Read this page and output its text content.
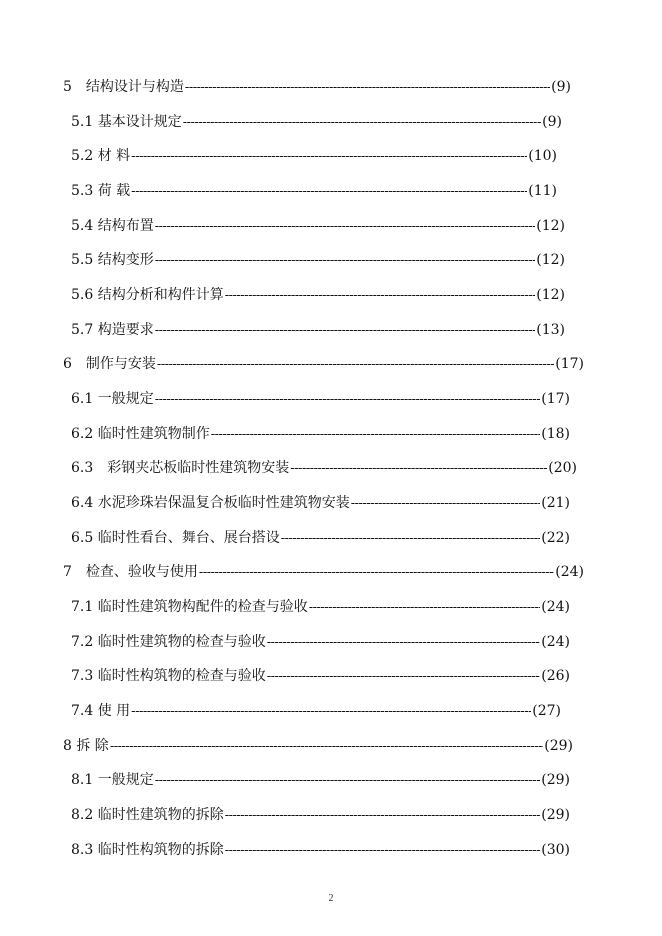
5　结构设计与构造 -----	(9)
5.1 基本设计规定 -----	(9)
5.2 材 料 -----	(10)
5.3 荷 载 -----	(11)
5.4 结构布置 -----	(12)
5.5 结构变形 -----	(12)
5.6 结构分析和构件计算 -----	(12)
5.7 构造要求 -----	(13)
6　制作与安装 -----	(17)
6.1 一般规定 -----	(17)
6.2 临时性建筑物制作 -----	(18)
6.3　彩钢夹芯板临时性建筑物安装 -----	(20)
6.4 水泥珍珠岩保温复合板临时性建筑物安装 -----	(21)
6.5 临时性看台、舞台、展台搭设 -----	(22)
7　检查、验收与使用 -----	(24)
7.1 临时性建筑物构配件的检查与验收 -----	(24)
7.2 临时性建筑物的检查与验收 -----	(24)
7.3 临时性构筑物的检查与验收 -----	(26)
7.4 使 用 -----	(27)
8 拆 除 -----	(29)
8.1 一般规定 -----	(29)
8.2 临时性建筑物的拆除 -----	(29)
8.3 临时性构筑物的拆除 -----	(30)
2
